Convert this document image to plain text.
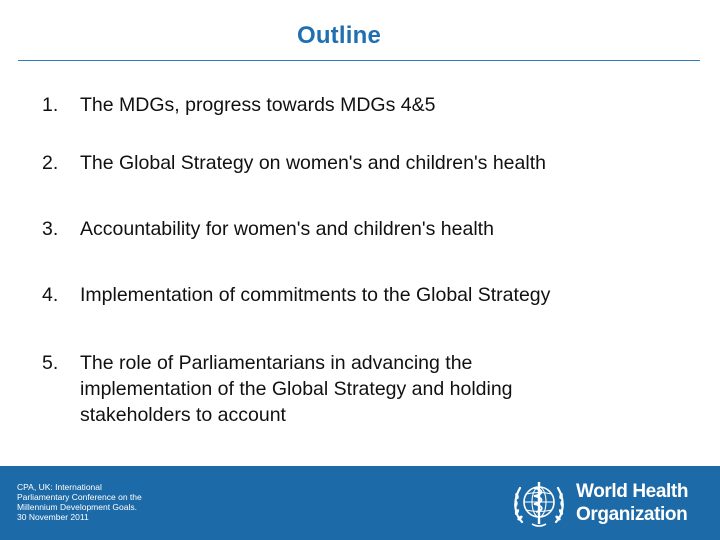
Outline
1.	The MDGs, progress towards MDGs 4&5
2.	The Global Strategy on women's and children's health
3.	Accountability for women's and children's health
4.	Implementation of commitments to the Global Strategy
5.	The role of Parliamentarians in advancing the
implementation of the Global Strategy and holding
stakeholders to account
CPA, UK: International
Parliamentary Conference on the
Millennium Development Goals.
30 November 2011
World Health
Organization
